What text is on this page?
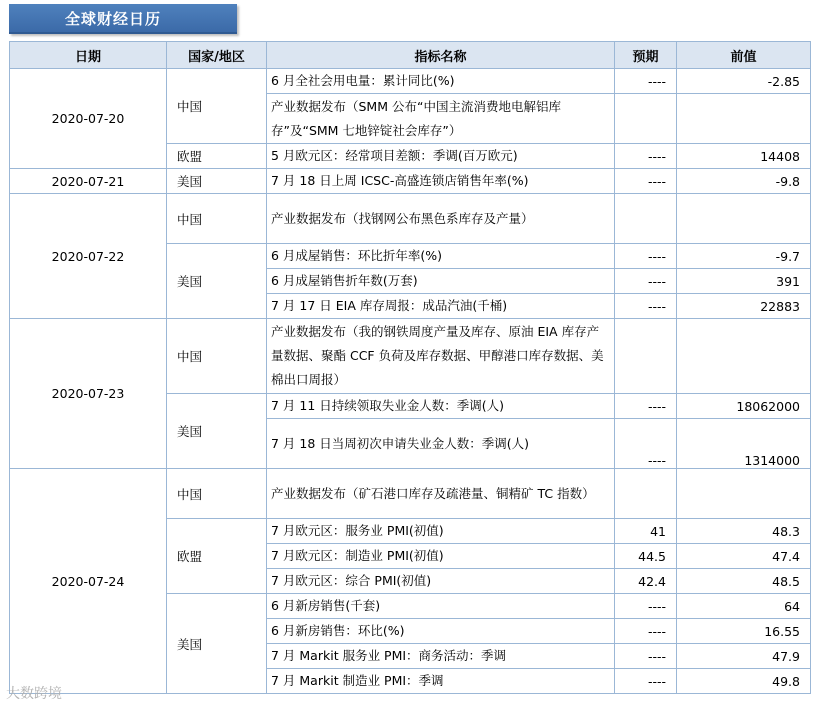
全球财经日历
日期	国家/地区	指标名称	预期	前值
2020-07-20	中国	6 月全社会用电量：累计同比(%)	----	-2.85
		产业数据发布（SMM 公布“中国主流消费地电解铝库存”及“SMM 七地锌锭社会库存”）		
	欧盟	5 月欧元区：经常项目差额：季调(百万欧元)	----	14408
2020-07-21	美国	7 月 18 日上周 ICSC-高盛连锁店销售年率(%)	----	-9.8
2020-07-22	中国	产业数据发布（找钢网公布黑色系库存及产量）		
	美国	6 月成屋销售：环比折年率(%)	----	-9.7
		6 月成屋销售折年数(万套)	----	391
		7 月 17 日 EIA 库存周报：成品汽油(千桶)	----	22883
2020-07-23	中国	产业数据发布（我的钢铁周度产量及库存、原油 EIA 库存产量数据、聚酯 CCF 负荷及库存数据、甲醇港口库存数据、美棉出口周报）		
	美国	7 月 11 日持续领取失业金人数：季调(人)	----	18062000
		7 月 18 日当周初次申请失业金人数：季调(人)	----	1314000
2020-07-24	中国	产业数据发布（矿石港口库存及疏港量、铜精矿 TC 指数）		
	欧盟	7 月欧元区：服务业 PMI(初值)	41	48.3
		7 月欧元区：制造业 PMI(初值)	44.5	47.4
		7 月欧元区：综合 PMI(初值)	42.4	48.5
	美国	6 月新房销售(千套)	----	64
		6 月新房销售：环比(%)	----	16.55
		7 月 Markit 服务业 PMI：商务活动：季调	----	47.9
		7 月 Markit 制造业 PMI：季调	----	49.8
大数跨境
